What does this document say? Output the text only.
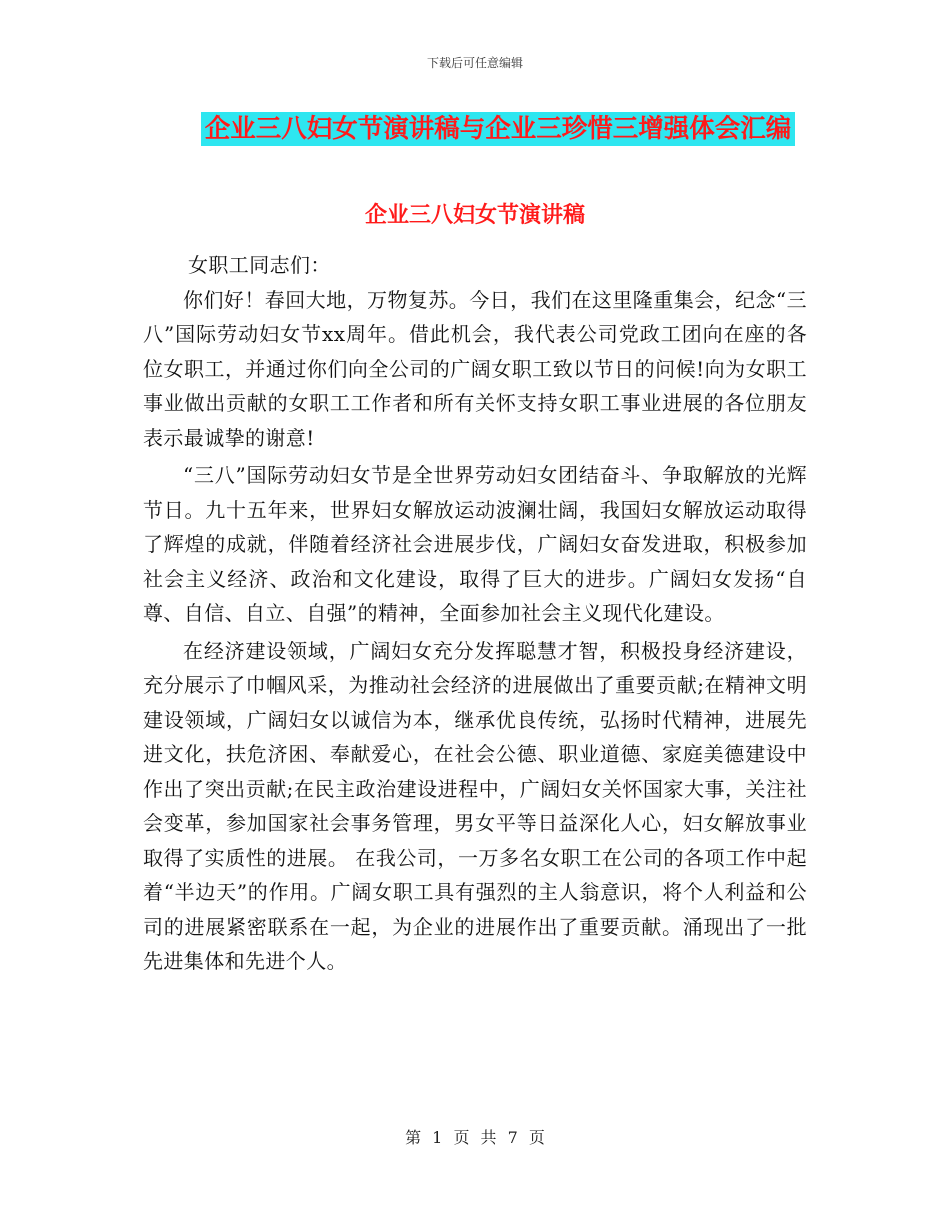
下载后可任意编辑
企业三八妇女节演讲稿与企业三珍惜三增强体会汇编
企业三八妇女节演讲稿

女职工同志们：

你们好！春回大地，万物复苏。今日，我们在这里隆重集会，纪念“三八”国际劳动妇女节xx周年。借此机会，我代表公司党政工团向在座的各位女职工，并通过你们向全公司的广阔女职工致以节日的问候!向为女职工事业做出贡献的女职工工作者和所有关怀支持女职工事业进展的各位朋友表示最诚挚的谢意!

“三八”国际劳动妇女节是全世界劳动妇女团结奋斗、争取解放的光辉节日。九十五年来，世界妇女解放运动波澜壮阔，我国妇女解放运动取得了辉煌的成就，伴随着经济社会进展步伐，广阔妇女奋发进取，积极参加社会主义经济、政治和文化建设，取得了巨大的进步。广阔妇女发扬“自尊、自信、自立、自强”的精神，全面参加社会主义现代化建设。

在经济建设领域，广阔妇女充分发挥聪慧才智，积极投身经济建设，充分展示了巾帼风采，为推动社会经济的进展做出了重要贡献;在精神文明建设领域，广阔妇女以诚信为本，继承优良传统，弘扬时代精神，进展先进文化，扶危济困、奉献爱心，在社会公德、职业道德、家庭美德建设中作出了突出贡献;在民主政治建设进程中，广阔妇女关怀国家大事，关注社会变革，参加国家社会事务管理，男女平等日益深化人心，妇女解放事业取得了实质性的进展。 在我公司，一万多名女职工在公司的各项工作中起着“半边天”的作用。广阔女职工具有强烈的主人翁意识，将个人利益和公司的进展紧密联系在一起，为企业的进展作出了重要贡献。涌现出了一批先进集体和先进个人。

第 1 页 共 7 页
